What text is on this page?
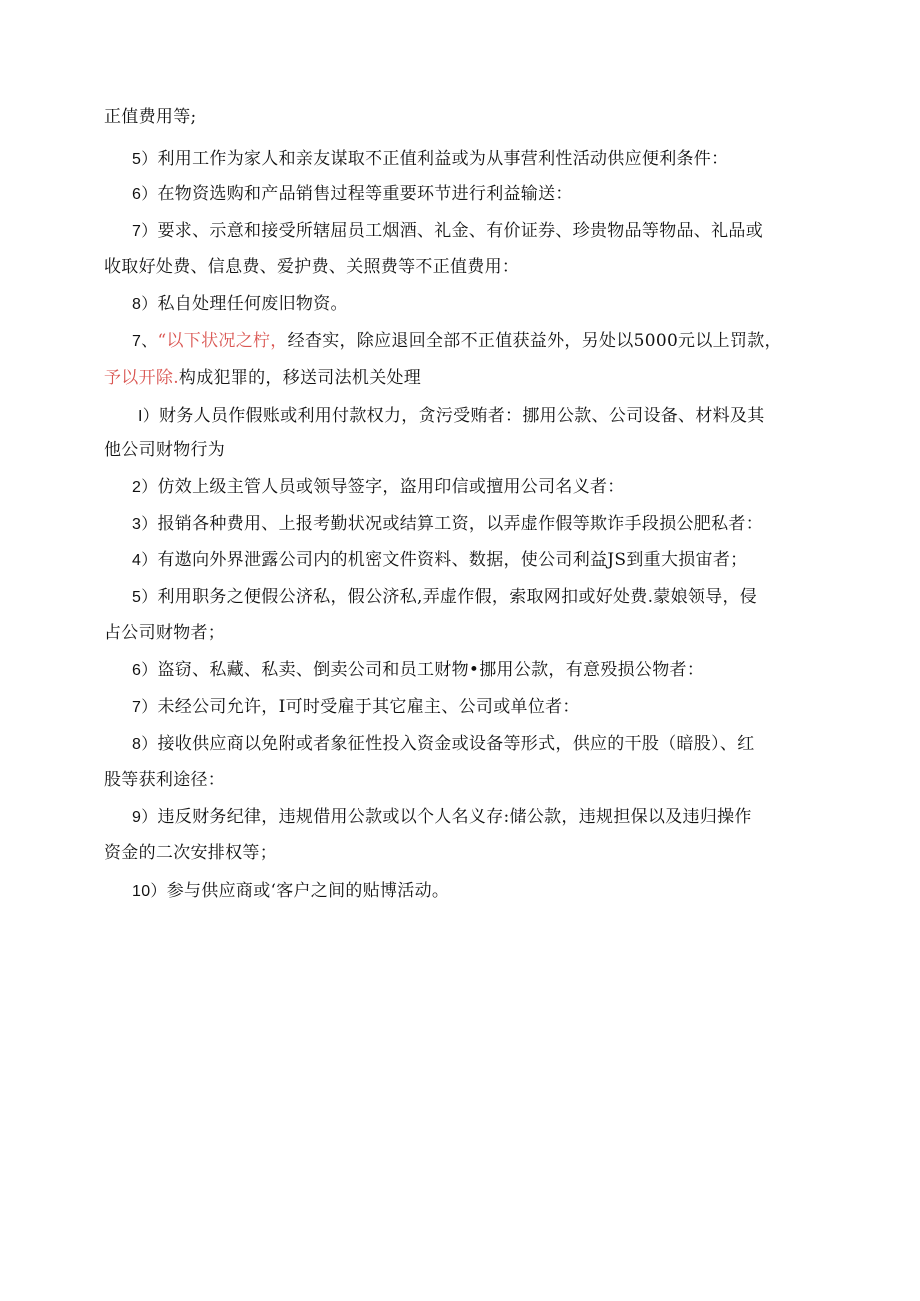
正值费用等;
5）利用工作为家人和亲友谋取不正值利益或为从事营利性活动供应便利条件：
6）在物资选购和产品销售过程等重要环节进行利益输送：
7）要求、示意和接受所辖屈员工烟酒、礼金、有价证券、珍贵物品等物品、礼品或
收取好处费、信息费、爱护费、关照费等不正值费用：
8）私自处理任何废旧物资。
7、“以下状况之柠，经杳实，除应退回全部不正值获益外，另处以5000元以上罚款，
予以开除.构成犯罪的，移送司法机关处理
I）财务人员作假账或利用付款权力，贪污受贿者：挪用公款、公司设备、材料及其
他公司财物行为
2）仿效上级主管人员或领导签字，盗用印信或擅用公司名义者：
3）报销各种费用、上报考勤状况或结算工资，以弄虚作假等欺诈手段损公肥私者：
4）有遨向外界泄露公司内的机密文件资料、数据，使公司利益JS到重大损宙者；
5）利用职务之便假公济私，假公济私,弄虚作假，索取网扣或好处费.蒙娘领导，侵
占公司财物者；
6）盗窃、私藏、私卖、倒卖公司和员工财物•挪用公款，有意殁损公物者：
7）未经公司允许，I可时受雇于其它雇主、公司或单位者：
8）接收供应商以免附或者象征性投入资金或设备等形式，供应的干股（暗股）、红
股等获利途径：
9）违反财务纪律，违规借用公款或以个人名义存:储公款，违规担保以及违归操作
资金的二次安排权等；
10）参与供应商或‘客户之间的贴博活动。
